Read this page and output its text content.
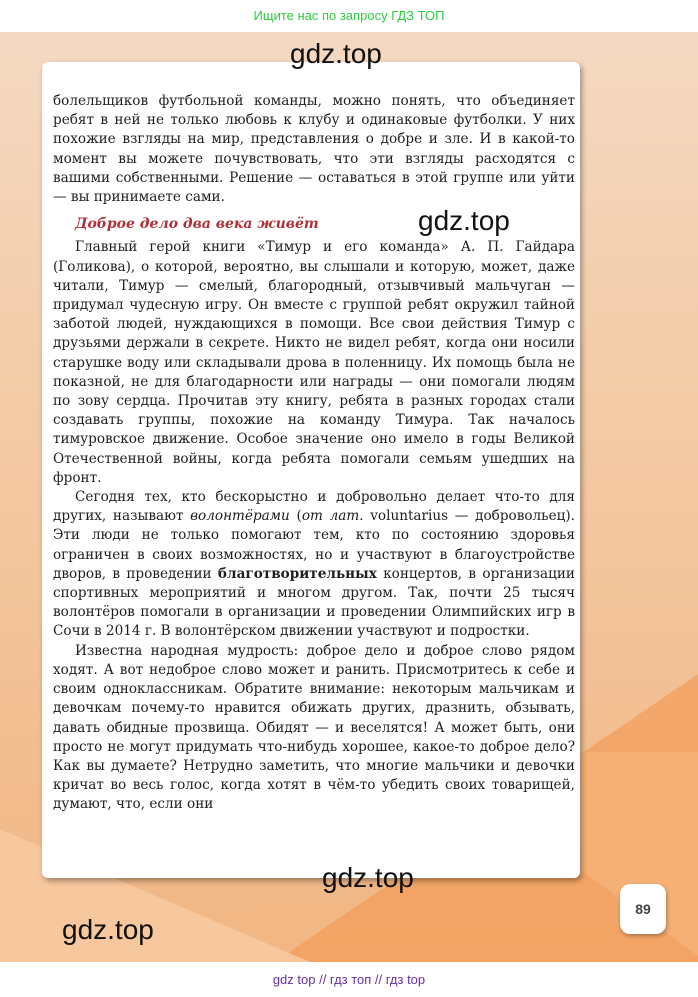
Ищите нас по запросу ГДЗ ТОП
89

болельщиков футбольной команды, можно понять, что объединяет ребят в ней не только любовь к клубу и одинаковые футболки. У них похожие взгляды на мир, представления о добре и зле. И в какой-то момент вы можете почувствовать, что эти взгляды расходятся с вашими собственными. Решение — оставаться в этой группе или уйти — вы принимаете сами.

Доброе дело два века живёт

Главный герой книги «Тимур и его команда» А. П. Гайдара (Голикова), о которой, вероятно, вы слышали и которую, может, даже читали, Тимур — смелый, благородный, отзывчивый мальчуган — придумал чудесную игру. Он вместе с группой ребят окружил тайной заботой людей, нуждающихся в помощи. Все свои действия Тимур с друзьями держали в секрете. Никто не видел ребят, когда они носили старушке воду или складывали дрова в поленницу. Их помощь была не показной, не для благодарности или награды — они помогали людям по зову сердца. Прочитав эту книгу, ребята в разных городах стали создавать группы, похожие на команду Тимура. Так началось тимуровское движение. Особое значение оно имело в годы Великой Отечественной войны, когда ребята помогали семьям ушедших на фронт.

Сегодня тех, кто бескорыстно и добровольно делает что-то для других, называют волонтёрами (от лат. voluntarius — добровольец). Эти люди не только помогают тем, кто по состоянию здоровья ограничен в своих возможностях, но и участвуют в благоустройстве дворов, в проведении благотворительных концертов, в организации спортивных мероприятий и многом другом. Так, почти 25 тысяч волонтёров помогали в организации и проведении Олимпийских игр в Сочи в 2014 г. В волонтёрском движении участвуют и подростки.

Известна народная мудрость: доброе дело и доброе слово рядом ходят. А вот недоброе слово может и ранить. Присмотритесь к себе и своим одноклассникам. Обратите внимание: некоторым мальчикам и девочкам почему-то нравится обижать других, дразнить, обзывать, давать обидные прозвища. Обидят — и веселятся! А может быть, они просто не могут придумать что-нибудь хорошее, какое-то доброе дело? Как вы думаете? Нетрудно заметить, что многие мальчики и девочки кричат во весь голос, когда хотят в чём-то убедить своих товарищей, думают, что, если они

gdz.top
gdz.top
gdz.top
gdz.top
gdz top // гдз топ // гдз top
